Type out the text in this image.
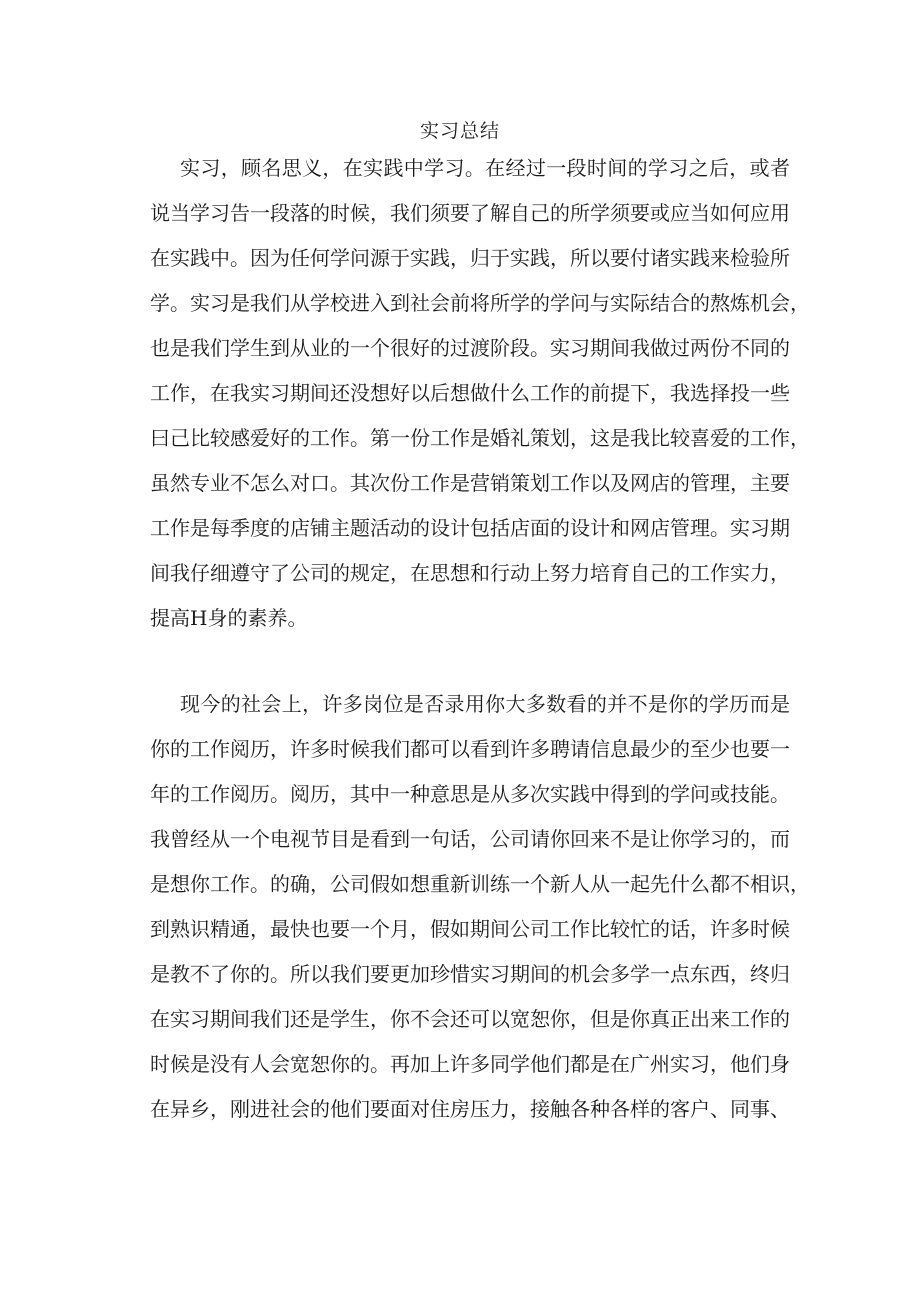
实习总结
实习，顾名思义，在实践中学习。在经过一段时间的学习之后，或者
说当学习告一段落的时候，我们须要了解自己的所学须要或应当如何应用
在实践中。因为任何学问源于实践，归于实践，所以要付诸实践来检验所
学。实习是我们从学校进入到社会前将所学的学问与实际结合的熬炼机会，
也是我们学生到从业的一个很好的过渡阶段。实习期间我做过两份不同的
工作，在我实习期间还没想好以后想做什么工作的前提下，我选择投一些
曰己比较感爱好的工作。第一份工作是婚礼策划，这是我比较喜爱的工作，
虽然专业不怎么对口。其次份工作是营销策划工作以及网店的管理，主要
工作是每季度的店铺主题活动的设计包括店面的设计和网店管理。实习期
间我仔细遵守了公司的规定，在思想和行动上努力培育自己的工作实力，
提高H身的素养。
现今的社会上，许多岗位是否录用你大多数看的并不是你的学历而是
你的工作阅历，许多时候我们都可以看到许多聘请信息最少的至少也要一
年的工作阅历。阅历，其中一种意思是从多次实践中得到的学问或技能。
我曾经从一个电视节目是看到一句话，公司请你回来不是让你学习的，而
是想你工作。的确，公司假如想重新训练一个新人从一起先什么都不相识，
到熟识精通，最快也要一个月，假如期间公司工作比较忙的话，许多时候
是教不了你的。所以我们要更加珍惜实习期间的机会多学一点东西，终归
在实习期间我们还是学生，你不会还可以宽恕你，但是你真正出来工作的
时候是没有人会宽恕你的。再加上许多同学他们都是在广州实习，他们身
在异乡，刚进社会的他们要面对住房压力，接触各种各样的客户、同事、
